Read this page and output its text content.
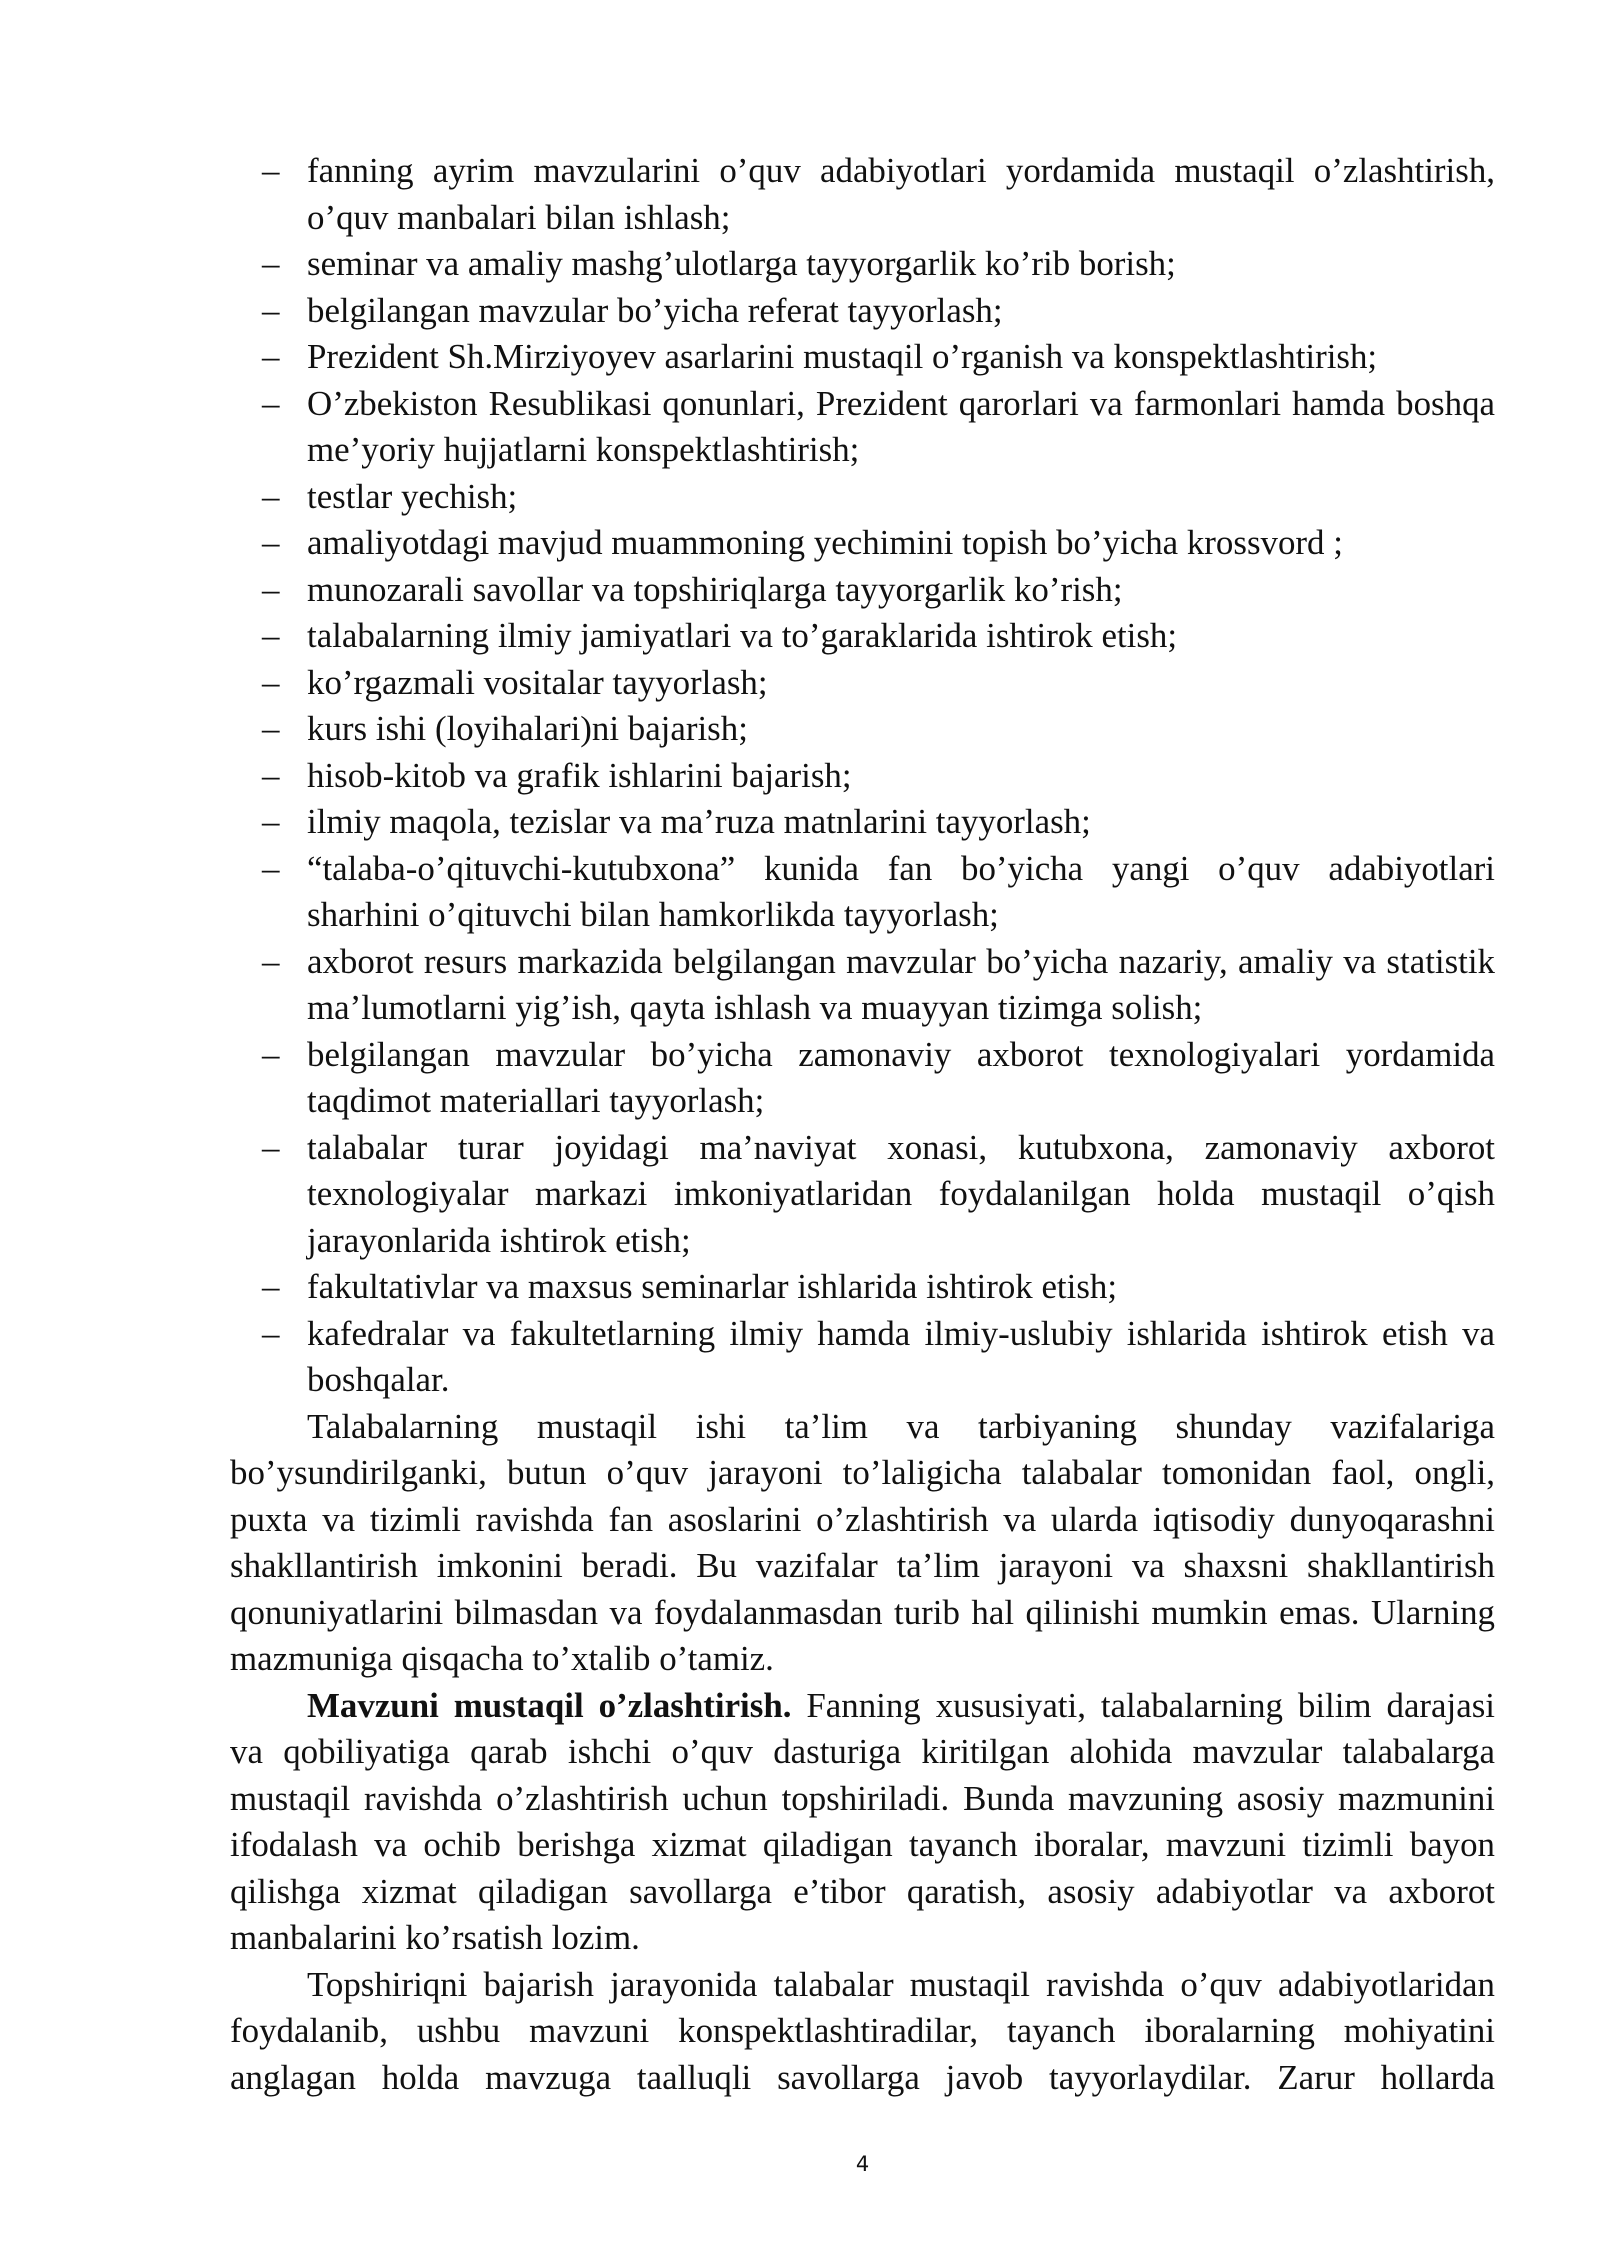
– fanning ayrim mavzularini o’quv adabiyotlari yordamida mustaqil o’zlashtirish,
o’quv manbalari bilan ishlash;
– seminar va amaliy mashg’ulotlarga tayyorgarlik ko’rib borish;
– belgilangan mavzular bo’yicha referat tayyorlash;
– Prezident Sh.Mirziyoyev asarlarini mustaqil o’rganish va konspektlashtirish;
– O’zbekiston Resublikasi qonunlari, Prezident qarorlari va farmonlari hamda boshqa
me’yoriy hujjatlarni konspektlashtirish;
– testlar yechish;
– amaliyotdagi mavjud muammoning yechimini topish bo’yicha krossvord ;
– munozarali savollar va topshiriqlarga tayyorgarlik ko’rish;
– talabalarning ilmiy jamiyatlari va to’garaklarida ishtirok etish;
– ko’rgazmali vositalar tayyorlash;
– kurs ishi (loyihalari)ni bajarish;
– hisob-kitob va grafik ishlarini bajarish;
– ilmiy maqola, tezislar va ma’ruza matnlarini tayyorlash;
– “talaba-o’qituvchi-kutubxona” kunida fan bo’yicha yangi o’quv adabiyotlari
sharhini o’qituvchi bilan hamkorlikda tayyorlash;
– axborot resurs markazida belgilangan mavzular bo’yicha nazariy, amaliy va statistik
ma’lumotlarni yig’ish, qayta ishlash va muayyan tizimga solish;
– belgilangan mavzular bo’yicha zamonaviy axborot texnologiyalari yordamida
taqdimot materiallari tayyorlash;
– talabalar turar joyidagi ma’naviyat xonasi, kutubxona, zamonaviy axborot
texnologiyalar markazi imkoniyatlaridan foydalanilgan holda mustaqil o’qish
jarayonlarida ishtirok etish;
– fakultativlar va maxsus seminarlar ishlarida ishtirok etish;
– kafedralar va fakultetlarning ilmiy hamda ilmiy-uslubiy ishlarida ishtirok etish va
boshqalar.
Talabalarning mustaqil ishi ta’lim va tarbiyaning shunday vazifalariga
bo’ysundirilganki, butun o’quv jarayoni to’laligicha talabalar tomonidan faol, ongli,
puxta va tizimli ravishda fan asoslarini o’zlashtirish va ularda iqtisodiy dunyoqarashni
shakllantirish imkonini beradi. Bu vazifalar ta’lim jarayoni va shaxsni shakllantirish
qonuniyatlarini bilmasdan va foydalanmasdan turib hal qilinishi mumkin emas. Ularning
mazmuniga qisqacha to’xtalib o’tamiz.
Mavzuni mustaqil o’zlashtirish. Fanning xususiyati, talabalarning bilim darajasi
va qobiliyatiga qarab ishchi o’quv dasturiga kiritilgan alohida mavzular talabalarga
mustaqil ravishda o’zlashtirish uchun topshiriladi. Bunda mavzuning asosiy mazmunini
ifodalash va ochib berishga xizmat qiladigan tayanch iboralar, mavzuni tizimli bayon
qilishga xizmat qiladigan savollarga e’tibor qaratish, asosiy adabiyotlar va axborot
manbalarini ko’rsatish lozim.
Topshiriqni bajarish jarayonida talabalar mustaqil ravishda o’quv adabiyotlaridan
foydalanib, ushbu mavzuni konspektlashtiradilar, tayanch iboralarning mohiyatini
anglagan holda mavzuga taalluqli savollarga javob tayyorlaydilar. Zarur hollarda
4
